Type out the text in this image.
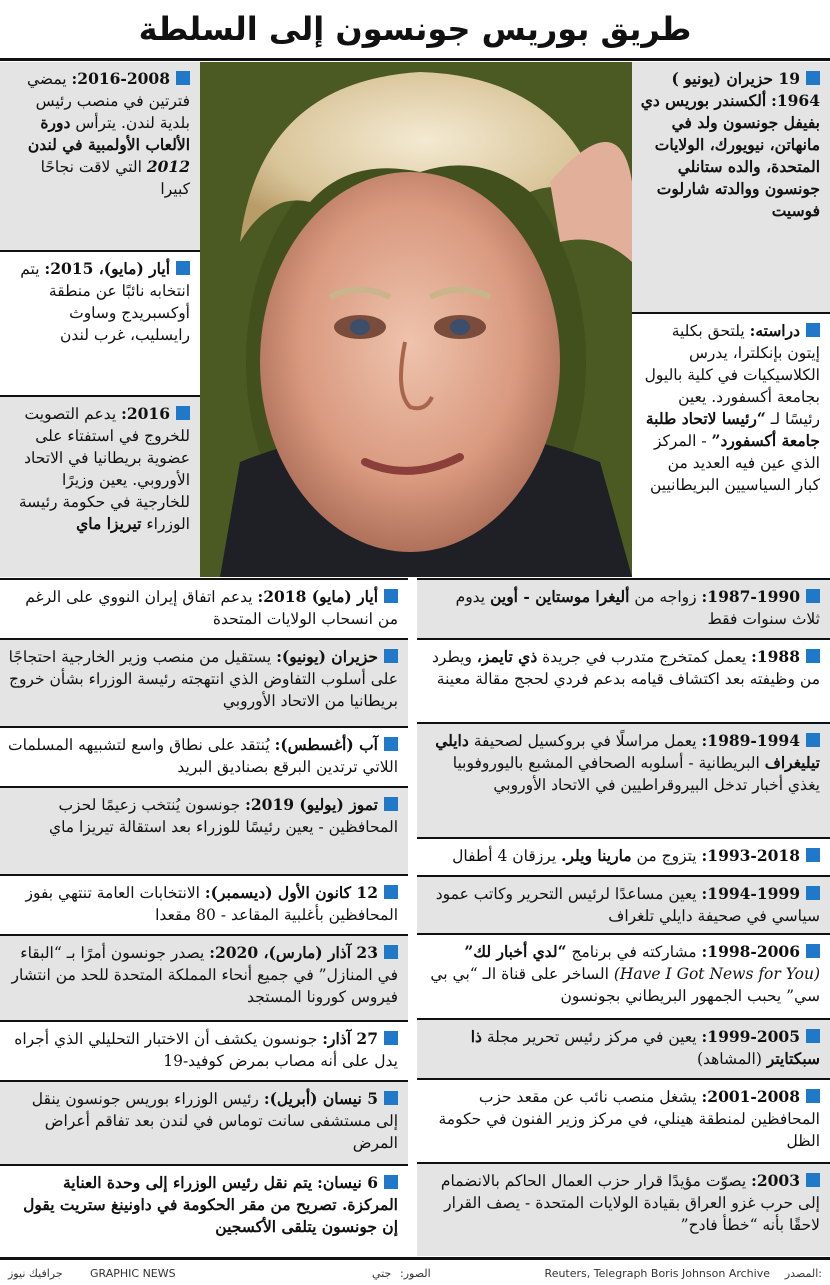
طريق بوريس جونسون إلى السلطة
19 حزيران (يونيو ) 1964: ألكسندر بوريس دي بفيفل جونسون ولد في مانهاتن، نيويورك، الولايات المتحدة، والده ستانلي جونسون ووالدته شارلوت فوسيت
دراسته: يلتحق بكلية إيتون بإنكلترا، يدرس الكلاسيكيات في كلية باليول بجامعة أكسفورد. يعين رئيسًا لـ “رئيسا لاتحاد طلبة جامعة أكسفورد” - المركز الذي عين فيه العديد من كبار السياسيين البريطانيين
2016-2008: يمضي فترتين في منصب رئيس بلدية لندن. يترأس دورة الألعاب الأولمبية في لندن 2012 التي لاقت نجاحًا كبيرا
أيار (مايو)، 2015: يتم انتخابه نائبًا عن منطقة أوكسبريدج وساوث رايسليب، غرب لندن
2016: يدعم التصويت للخروج في استفتاء على عضوية بريطانيا في الاتحاد الأوروبي. يعين وزيرًا للخارجية في حكومة رئيسة الوزراء تيريزا ماي
1987-1990: زواجه من أليغرا موستاين - أوين يدوم ثلاث سنوات فقط
1988: يعمل كمتخرج متدرب في جريدة ذي تايمز، ويطرد من وظيفته بعد اكتشاف قيامه بدعم فردي لحجج مقالة معينة
1989-1994: يعمل مراسلًا في بروكسيل لصحيفة دايلي تيليغراف البريطانية - أسلوبه الصحافي المشبع باليوروفوبيا يغذي أخبار تدخل البيروقراطيين في الاتحاد الأوروبي
1993-2018: يتزوج من مارينا ويلر. يرزقان 4 أطفال
1994-1999: يعين مساعدًا لرئيس التحرير وكاتب عمود سياسي في صحيفة دايلي تلغراف
1998-2006: مشاركته في برنامج “لدي أخبار لك” (Have I Got News for You) الساخر على قناة الـ “بي بي سي” يحبب الجمهور البريطاني بجونسون
1999-2005: يعين في مركز رئيس تحرير مجلة ذا سبكتايتر (المشاهد)
2001-2008: يشغل منصب نائب عن مقعد حزب المحافظين لمنطقة هينلي، في مركز وزير الفنون في حكومة الظل
2003: يصوّت مؤيدًا قرار حزب العمال الحاكم بالانضمام إلى حرب غزو العراق بقيادة الولايات المتحدة - يصف القرار لاحقًا بأنه “خطأ فادح”
أيار (مايو) 2018: يدعم اتفاق إيران النووي على الرغم من انسحاب الولايات المتحدة
حزيران (يونيو): يستقيل من منصب وزير الخارجية احتجاجًا على أسلوب التفاوض الذي انتهجته رئيسة الوزراء بشأن خروج بريطانيا من الاتحاد الأوروبي
آب (أغسطس): يُنتقد على نطاق واسع لتشبيهه المسلمات اللاتي ترتدين البرقع بصناديق البريد
تموز (يوليو) 2019: جونسون يُنتخب زعيمًا لحزب المحافظين - يعين رئيسًا للوزراء بعد استقالة تيريزا ماي
12 كانون الأول (ديسمبر): الانتخابات العامة تنتهي بفوز المحافظين بأغلبية المقاعد - 80 مقعدا
23 آذار (مارس)، 2020: يصدر جونسون أمرًا بـ “البقاء في المنازل” في جميع أنحاء المملكة المتحدة للحد من انتشار فيروس كورونا المستجد
27 آذار: جونسون يكشف أن الاختبار التحليلي الذي أجراه يدل على أنه مصاب بمرض كوفيد-19
5 نيسان (أبريل): رئيس الوزراء بوريس جونسون ينقل إلى مستشفى سانت توماس في لندن بعد تفاقم أعراض المرض
6 نيسان: يتم نقل رئيس الوزراء إلى وحدة العناية المركزة. تصريح من مقر الحكومة في داونينغ ستريت يقول إن جونسون يتلقى الأكسجين
المصدر:
Reuters, Telegraph Boris Johnson Archive
الصور:
جتي
GRAPHIC NEWS
جرافيك نيوز
